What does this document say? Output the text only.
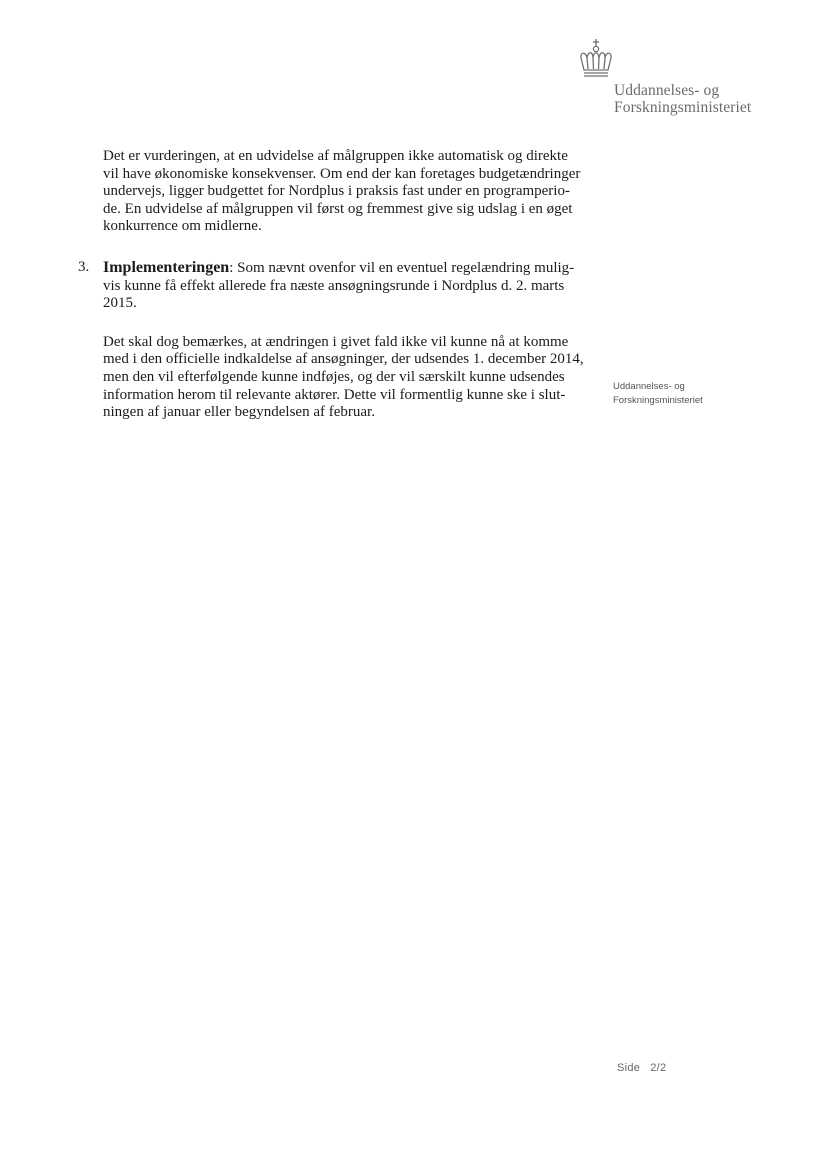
Uddannelses- og
Forskningsministeriet

Det er vurderingen, at en udvidelse af målgruppen ikke automatisk og direkte
vil have økonomiske konsekvenser. Om end der kan foretages budgetændringer
undervejs, ligger budgettet for Nordplus i praksis fast under en programperio-
de. En udvidelse af målgruppen vil først og fremmest give sig udslag i en øget
konkurrence om midlerne.

3. Implementeringen: Som nævnt ovenfor vil en eventuel regelændring mulig-
vis kunne få effekt allerede fra næste ansøgningsrunde i Nordplus d. 2. marts
2015.

Det skal dog bemærkes, at ændringen i givet fald ikke vil kunne nå at komme
med i den officielle indkaldelse af ansøgninger, der udsendes 1. december 2014,
men den vil efterfølgende kunne indføjes, og der vil særskilt kunne udsendes
information herom til relevante aktører. Dette vil formentlig kunne ske i slut-
ningen af januar eller begyndelsen af februar.

Uddannelses- og
Forskningsministeriet
Side 2/2
